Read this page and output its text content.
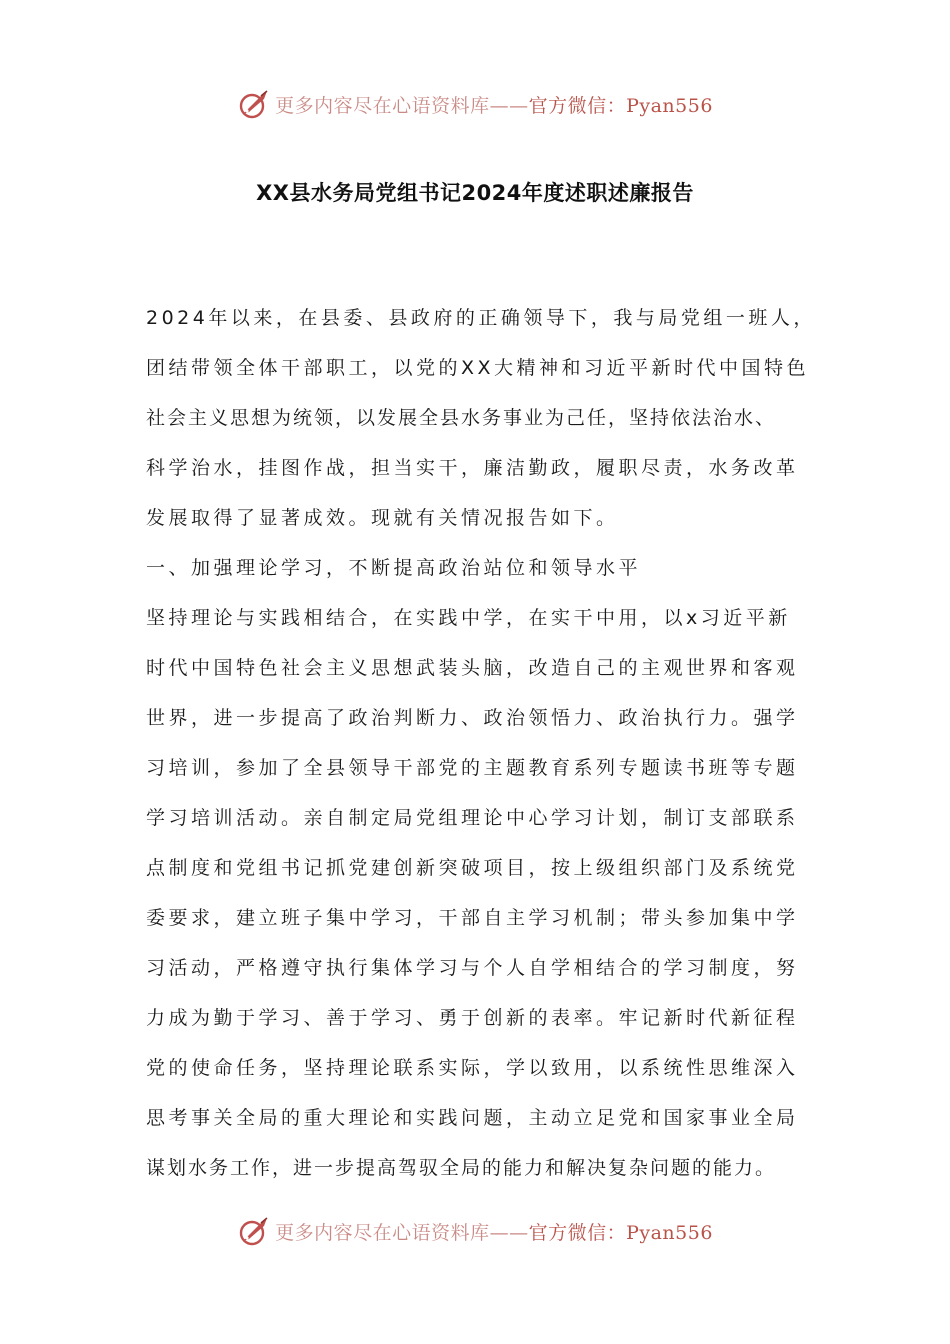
更多内容尽在心语资料库——官方微信：Pyan556
XX县水务局党组书记2024年度述职述廉报告
2024年以来，在县委、县政府的正确领导下，我与局党组一班人，
团结带领全体干部职工，以党的XX大精神和习近平新时代中国特色
社会主义思想为统领，以发展全县水务事业为己任，坚持依法治水、
科学治水，挂图作战，担当实干，廉洁勤政，履职尽责，水务改革
发展取得了显著成效。现就有关情况报告如下。
一、加强理论学习，不断提高政治站位和领导水平
坚持理论与实践相结合，在实践中学，在实干中用，以x习近平新
时代中国特色社会主义思想武装头脑，改造自己的主观世界和客观
世界，进一步提高了政治判断力、政治领悟力、政治执行力。强学
习培训，参加了全县领导干部党的主题教育系列专题读书班等专题
学习培训活动。亲自制定局党组理论中心学习计划，制订支部联系
点制度和党组书记抓党建创新突破项目，按上级组织部门及系统党
委要求，建立班子集中学习，干部自主学习机制；带头参加集中学
习活动，严格遵守执行集体学习与个人自学相结合的学习制度，努
力成为勤于学习、善于学习、勇于创新的表率。牢记新时代新征程
党的使命任务，坚持理论联系实际，学以致用，以系统性思维深入
思考事关全局的重大理论和实践问题，主动立足党和国家事业全局
谋划水务工作，进一步提高驾驭全局的能力和解决复杂问题的能力。
更多内容尽在心语资料库——官方微信：Pyan556
